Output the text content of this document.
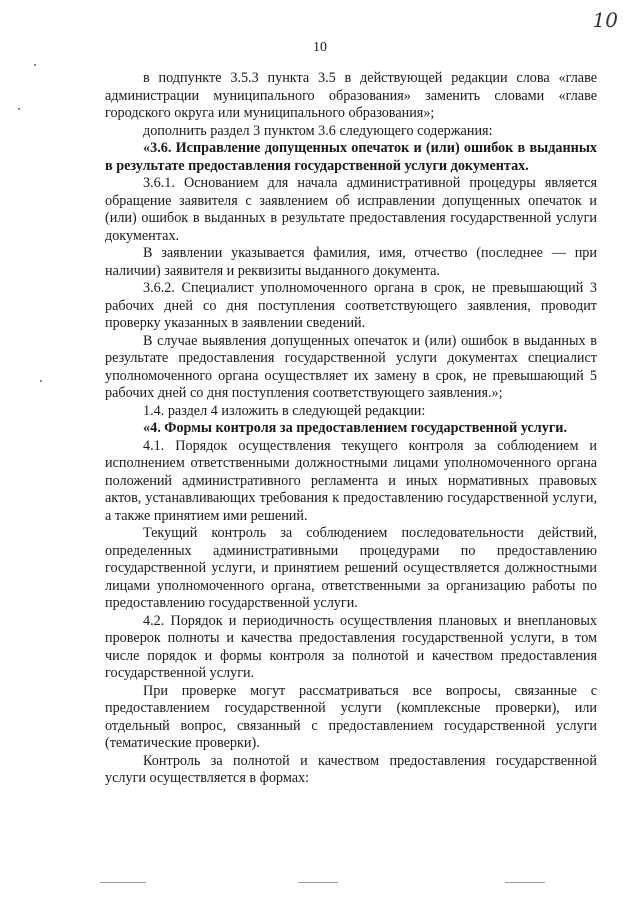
10
10

в подпункте 3.5.3 пункта 3.5 в действующей редакции слова «главе администрации муниципального образования» заменить словами «главе городского округа или муниципального образования»;

дополнить раздел 3 пунктом 3.6 следующего содержания:

«3.6. Исправление допущенных опечаток и (или) ошибок в выданных в результате предоставления государственной услуги документах.

3.6.1. Основанием для начала административной процедуры является обращение заявителя с заявлением об исправлении допущенных опечаток и (или) ошибок в выданных в результате предоставления государственной услуги документах.

В заявлении указывается фамилия, имя, отчество (последнее — при наличии) заявителя и реквизиты выданного документа.

3.6.2. Специалист уполномоченного органа в срок, не превышающий 3 рабочих дней со дня поступления соответствующего заявления, проводит проверку указанных в заявлении сведений.

В случае выявления допущенных опечаток и (или) ошибок в выданных в результате предоставления государственной услуги документах специалист уполномоченного органа осуществляет их замену в срок, не превышающий 5 рабочих дней со дня поступления соответствующего заявления.»;

1.4. раздел 4 изложить в следующей редакции:

«4. Формы контроля за предоставлением государственной услуги.

4.1. Порядок осуществления текущего контроля за соблюдением и исполнением ответственными должностными лицами уполномоченного органа положений административного регламента и иных нормативных правовых актов, устанавливающих требования к предоставлению государственной услуги, а также принятием ими решений.

Текущий контроль за соблюдением последовательности действий, определенных административными процедурами по предоставлению государственной услуги, и принятием решений осуществляется должностными лицами уполномоченного органа, ответственными за организацию работы по предоставлению государственной услуги.

4.2. Порядок и периодичность осуществления плановых и внеплановых проверок полноты и качества предоставления государственной услуги, в том числе порядок и формы контроля за полнотой и качеством предоставления государственной услуги.

При проверке могут рассматриваться все вопросы, связанные с предоставлением государственной услуги (комплексные проверки), или отдельный вопрос, связанный с предоставлением государственной услуги (тематические проверки).

Контроль за полнотой и качеством предоставления государственной услуги осуществляется в формах:
